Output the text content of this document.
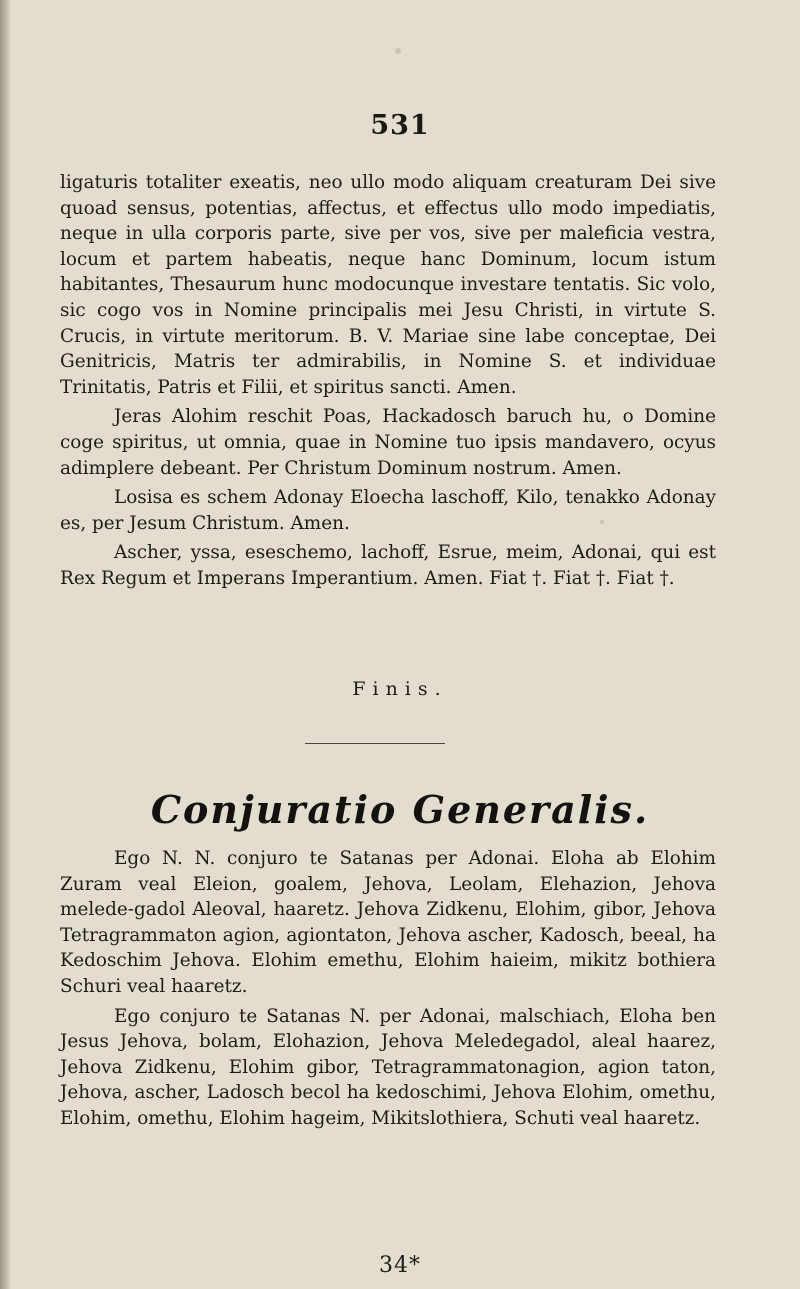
531

ligaturis totaliter exeatis, neo ullo modo aliquam creaturam Dei sive quoad sensus, potentias, affectus, et effectus ullo modo impediatis, neque in ulla corporis parte, sive per vos, sive per maleficia vestra, locum et partem habeatis, neque hanc Dominum, locum istum habitantes, Thesaurum hunc modocunque investare tentatis. Sic volo, sic cogo vos in Nomine principalis mei Jesu Christi, in virtute S. Crucis, in virtute meritorum. B. V. Mariae sine labe conceptae, Dei Genitricis, Matris ter admirabilis, in Nomine S. et individuae Trinitatis, Patris et Filii, et spiritus sancti. Amen.

Jeras Alohim reschit Poas, Hackadosch baruch hu, o Domine coge spiritus, ut omnia, quae in Nomine tuo ipsis mandavero, ocyus adimplere debeant. Per Christum Dominum nostrum. Amen.

Losisa es schem Adonay Eloecha laschoff, Kilo, tenakko Adonay es, per Jesum Christum. Amen.

Ascher, yssa, eseschemo, lachoff, Esrue, meim, Adonai, qui est Rex Regum et Imperans Imperantium. Amen. Fiat †. Fiat †. Fiat †.

Finis.
Conjuratio Generalis.

Ego N. N. conjuro te Satanas per Adonai. Eloha ab Elohim Zuram veal Eleion, goalem, Jehova, Leolam, Elehazion, Jehova melede-gadol Aleoval, haaretz. Jehova Zidkenu, Elohim, gibor, Jehova Tetragrammaton agion, agiontaton, Jehova ascher, Kadosch, beeal, ha Kedoschim Jehova. Elohim emethu, Elohim haieim, mikitz bothiera Schuri veal haaretz.

Ego conjuro te Satanas N. per Adonai, malschiach, Eloha ben Jesus Jehova, bolam, Elohazion, Jehova Meledegadol, aleal haarez, Jehova Zidkenu, Elohim gibor, Tetragrammatonagion, agion taton, Jehova, ascher, Ladosch becol ha kedoschimi, Jehova Elohim, omethu, Elohim, omethu, Elohim hageim, Mikitslothiera, Schuti veal haaretz.

34*
